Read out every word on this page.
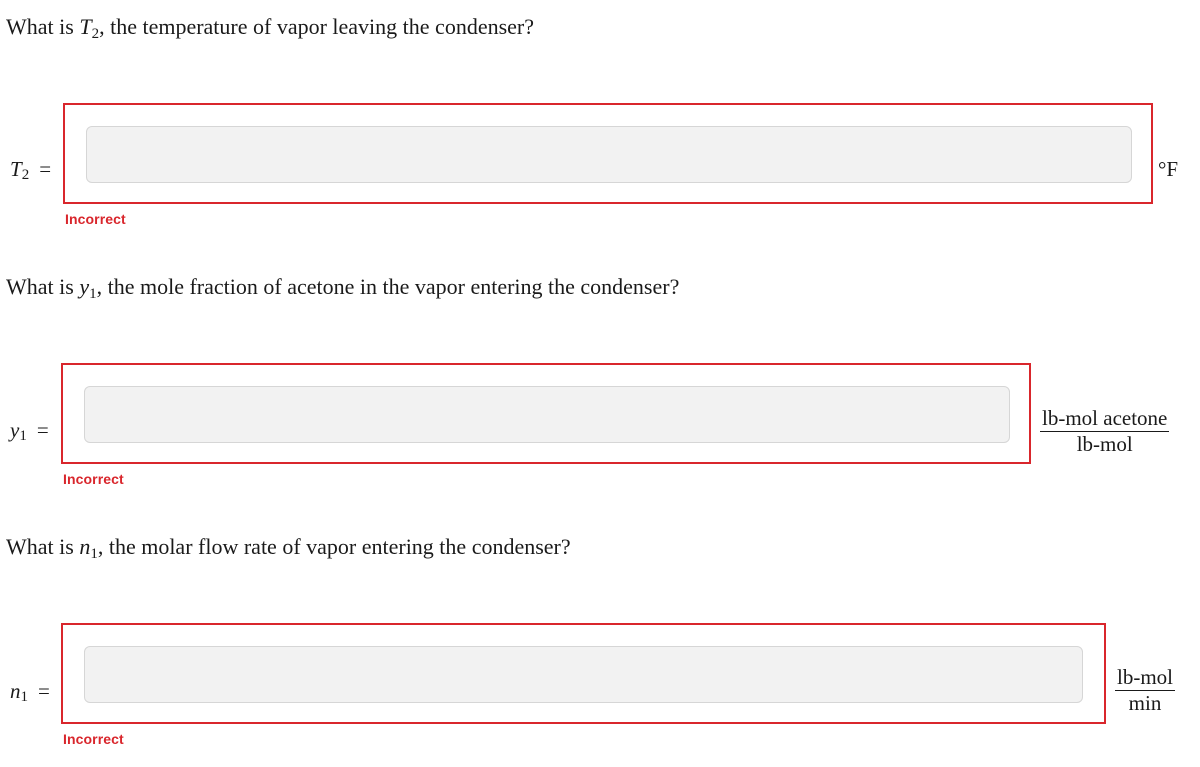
What is $T_2$, the temperature of vapor leaving the condenser?
$T_2$ =	°F
Incorrect
What is $y_1$, the mole fraction of acetone in the vapor entering the condenser?
$y_1$ =	lb-mol acetone
lb-mol
Incorrect
What is $n_1$, the molar flow rate of vapor entering the condenser?
$n_1$ =
lb-mol
min
Incorrect
